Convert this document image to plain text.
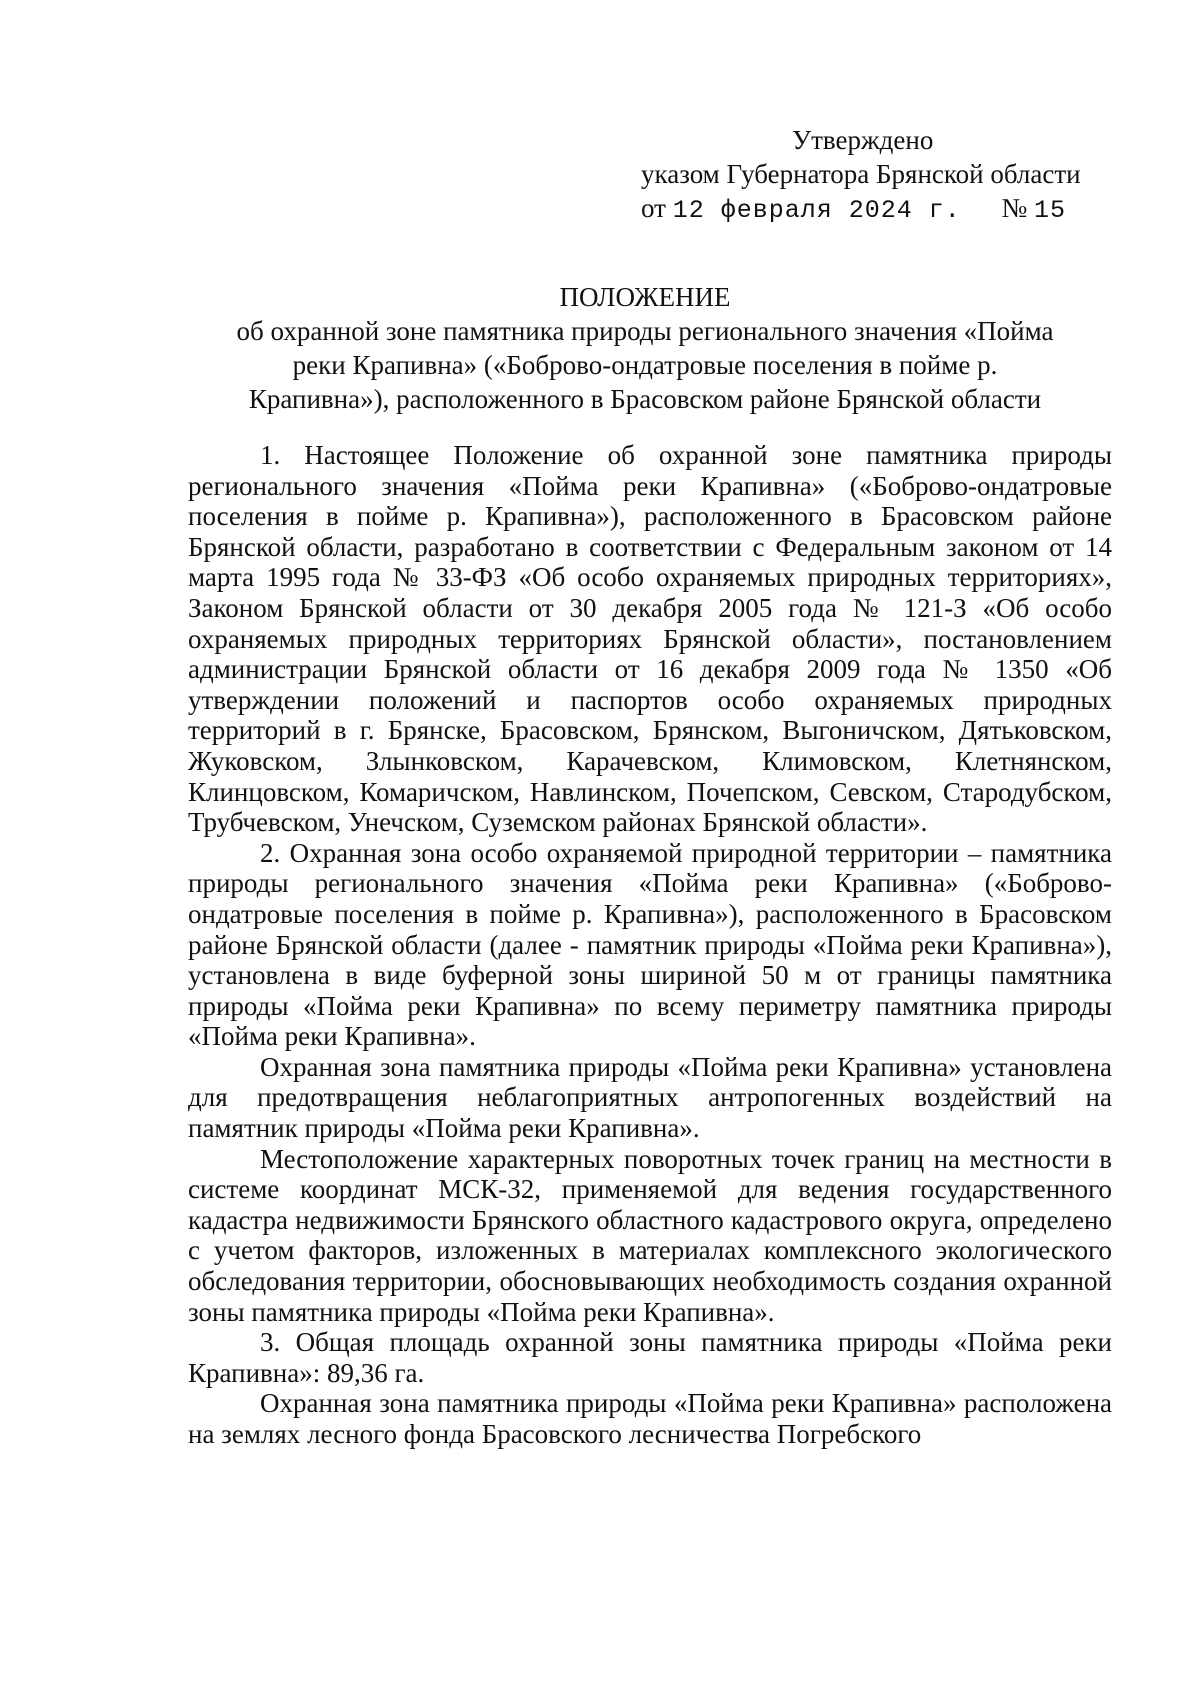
Утверждено
указом Губернатора Брянской области
от 12 февраля 2024 г. № 15
ПОЛОЖЕНИЕ
об охранной зоне памятника природы регионального значения «Пойма реки Крапивна» («Боброво-ондатровые поселения в пойме р. Крапивна»), расположенного в Брасовском районе Брянской области

1. Настоящее Положение об охранной зоне памятника природы регионального значения «Пойма реки Крапивна» («Боброво-ондатровые поселения в пойме р. Крапивна»), расположенного в Брасовском районе Брянской области, разработано в соответствии с Федеральным законом от 14 марта 1995 года № 33-ФЗ «Об особо охраняемых природных территориях», Законом Брянской области от 30 декабря 2005 года № 121-З «Об особо охраняемых природных территориях Брянской области», постановлением администрации Брянской области от 16 декабря 2009 года № 1350 «Об утверждении положений и паспортов особо охраняемых природных территорий в г. Брянске, Брасовском, Брянском, Выгоничском, Дятьковском, Жуковском, Злынковском, Карачевском, Климовском, Клетнянском, Клинцовском, Комаричском, Навлинском, Почепском, Севском, Стародубском, Трубчевском, Унечском, Суземском районах Брянской области».

2. Охранная зона особо охраняемой природной территории – памятника природы регионального значения «Пойма реки Крапивна» («Боброво-ондатровые поселения в пойме р. Крапивна»), расположенного в Брасовском районе Брянской области (далее - памятник природы «Пойма реки Крапивна»), установлена в виде буферной зоны шириной 50 м от границы памятника природы «Пойма реки Крапивна» по всему периметру памятника природы «Пойма реки Крапивна».

Охранная зона памятника природы «Пойма реки Крапивна» установлена для предотвращения неблагоприятных антропогенных воздействий на памятник природы «Пойма реки Крапивна».

Местоположение характерных поворотных точек границ на местности в системе координат МСК-32, применяемой для ведения государственного кадастра недвижимости Брянского областного кадастрового округа, определено с учетом факторов, изложенных в материалах комплексного экологического обследования территории, обосновывающих необходимость создания охранной зоны памятника природы «Пойма реки Крапивна».

3. Общая площадь охранной зоны памятника природы «Пойма реки Крапивна»: 89,36 га.

Охранная зона памятника природы «Пойма реки Крапивна» расположена на землях лесного фонда Брасовского лесничества Погребского
